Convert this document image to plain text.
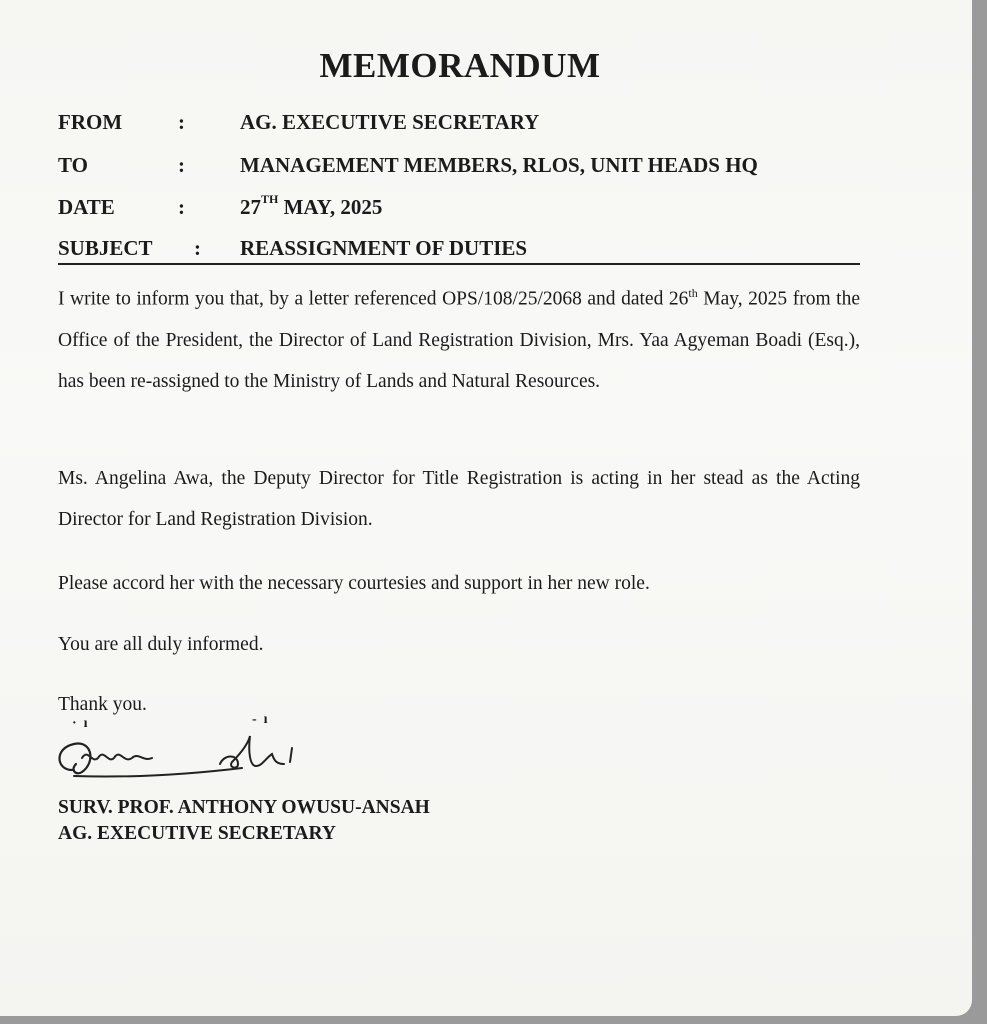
MEMORANDUM
FROM	:	AG. EXECUTIVE SECRETARY
TO	:	MANAGEMENT MEMBERS, RLOS, UNIT HEADS HQ
DATE	:	27TH MAY, 2025
SUBJECT : REASSIGNMENT OF DUTIES
I write to inform you that, by a letter referenced OPS/108/25/2068 and dated 26th May, 2025 from the Office of the President, the Director of Land Registration Division, Mrs. Yaa Agyeman Boadi (Esq.), has been re-assigned to the Ministry of Lands and Natural Resources.
Ms. Angelina Awa, the Deputy Director for Title Registration is acting in her stead as the Acting Director for Land Registration Division.
Please accord her with the necessary courtesies and support in her new role.
You are all duly informed.
Thank you.
·  ı	-  ı
SURV. PROF. ANTHONY OWUSU-ANSAH
AG. EXECUTIVE SECRETARY
